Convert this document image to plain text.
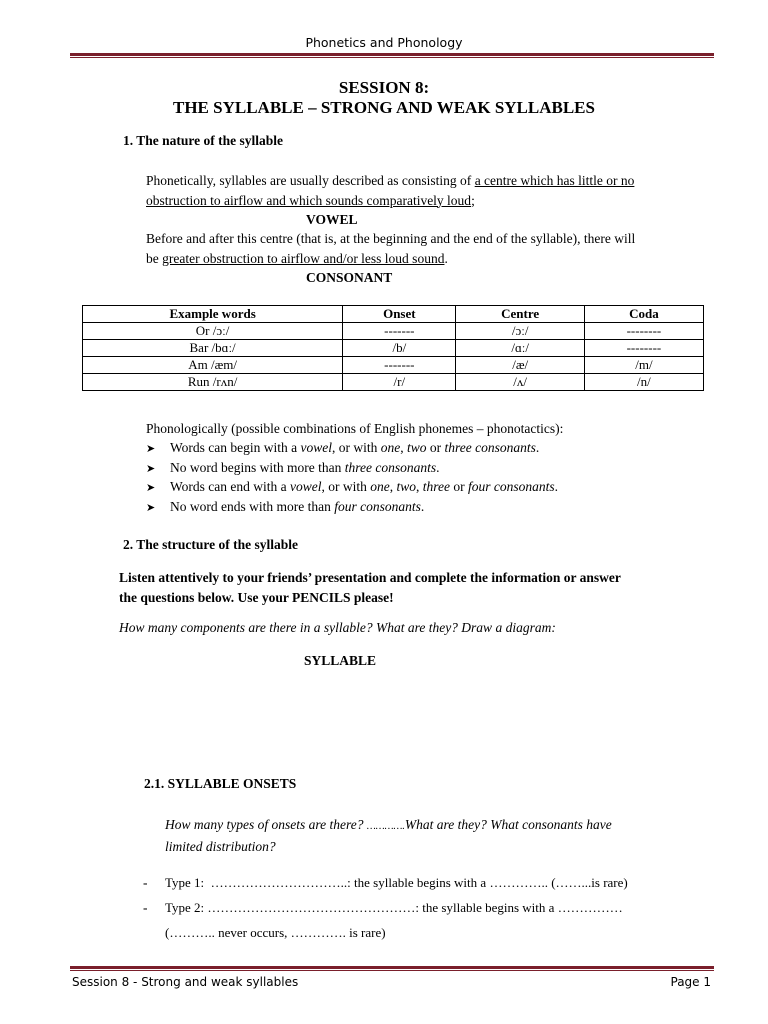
Phonetics and Phonology
SESSION 8:
THE SYLLABLE – STRONG AND WEAK SYLLABLES
1. The nature of the syllable
Phonetically, syllables are usually described as consisting of a centre which has little or no
obstruction to airflow and which sounds comparatively loud;
VOWEL
Before and after this centre (that is, at the beginning and the end of the syllable), there will
be greater obstruction to airflow and/or less loud sound.
CONSONANT
Example words	Onset	Centre	Coda
Or /ɔː/	-------	/ɔː/	--------
Bar /bɑː/	/b/	/ɑː/	--------
Am /æm/	-------	/æ/	/m/
Run /rʌn/	/r/	/ʌ/	/n/
Phonologically (possible combinations of English phonemes – phonotactics):
➤ Words can begin with a vowel, or with one, two or three consonants.
➤ No word begins with more than three consonants.
➤ Words can end with a vowel, or with one, two, three or four consonants.
➤ No word ends with more than four consonants.
2. The structure of the syllable
Listen attentively to your friends’ presentation and complete the information or answer
the questions below. Use your PENCILS please!
How many components are there in a syllable? What are they? Draw a diagram:
SYLLABLE
2.1. SYLLABLE ONSETS
How many types of onsets are there? ………….What are they? What consonants have
limited distribution?
- Type 1: …………………………..: the syllable begins with a ………….. (……...is rare)
- Type 2: …………………………………………: the syllable begins with a ……………
(……….. never occurs, …………. is rare)
Session 8 - Strong and weak syllables	Page 1
